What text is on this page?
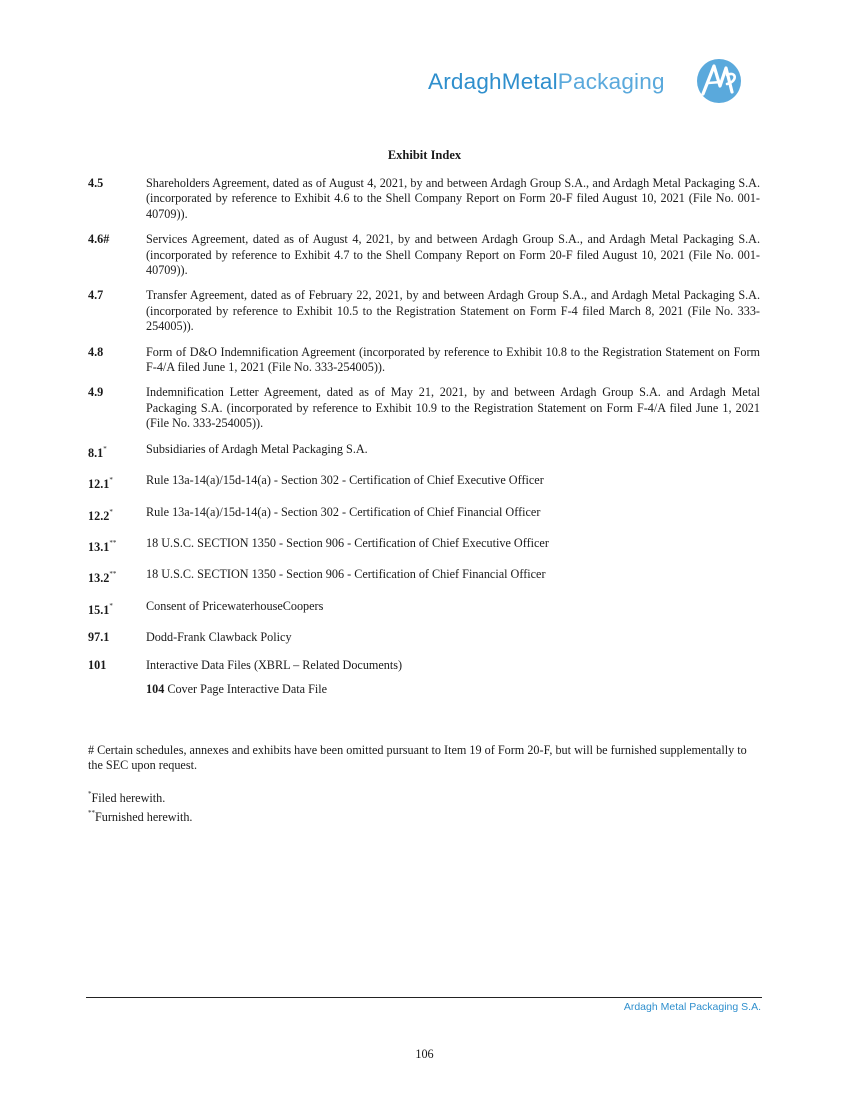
ArdaghMetalPackaging
Exhibit Index
4.5	Shareholders Agreement, dated as of August 4, 2021, by and between Ardagh Group S.A., and Ardagh Metal Packaging S.A. (incorporated by reference to Exhibit 4.6 to the Shell Company Report on Form 20-F filed August 10, 2021 (File No. 001-40709)).
4.6#	Services Agreement, dated as of August 4, 2021, by and between Ardagh Group S.A., and Ardagh Metal Packaging S.A. (incorporated by reference to Exhibit 4.7 to the Shell Company Report on Form 20-F filed August 10, 2021 (File No. 001-40709)).
4.7	Transfer Agreement, dated as of February 22, 2021, by and between Ardagh Group S.A., and Ardagh Metal Packaging S.A. (incorporated by reference to Exhibit 10.5 to the Registration Statement on Form F-4 filed March 8, 2021 (File No. 333-254005)).
4.8	Form of D&O Indemnification Agreement (incorporated by reference to Exhibit 10.8 to the Registration Statement on Form F-4/A filed June 1, 2021 (File No. 333-254005)).
4.9	Indemnification Letter Agreement, dated as of May 21, 2021, by and between Ardagh Group S.A. and Ardagh Metal Packaging S.A. (incorporated by reference to Exhibit 10.9 to the Registration Statement on Form F-4/A filed June 1, 2021 (File No. 333-254005)).
8.1*	Subsidiaries of Ardagh Metal Packaging S.A.
12.1*	Rule 13a-14(a)/15d-14(a) - Section 302 - Certification of Chief Executive Officer
12.2*	Rule 13a-14(a)/15d-14(a) - Section 302 - Certification of Chief Financial Officer
13.1**	18 U.S.C. SECTION 1350 - Section 906 - Certification of Chief Executive Officer
13.2**	18 U.S.C. SECTION 1350 - Section 906 - Certification of Chief Financial Officer
15.1*	Consent of PricewaterhouseCoopers
97.1	Dodd-Frank Clawback Policy
101	Interactive Data Files (XBRL – Related Documents)
104 Cover Page Interactive Data File

# Certain schedules, annexes and exhibits have been omitted pursuant to Item 19 of Form 20-F, but will be furnished supplementally to the SEC upon request.

*Filed herewith.
**Furnished herewith.
Ardagh Metal Packaging S.A.
106
